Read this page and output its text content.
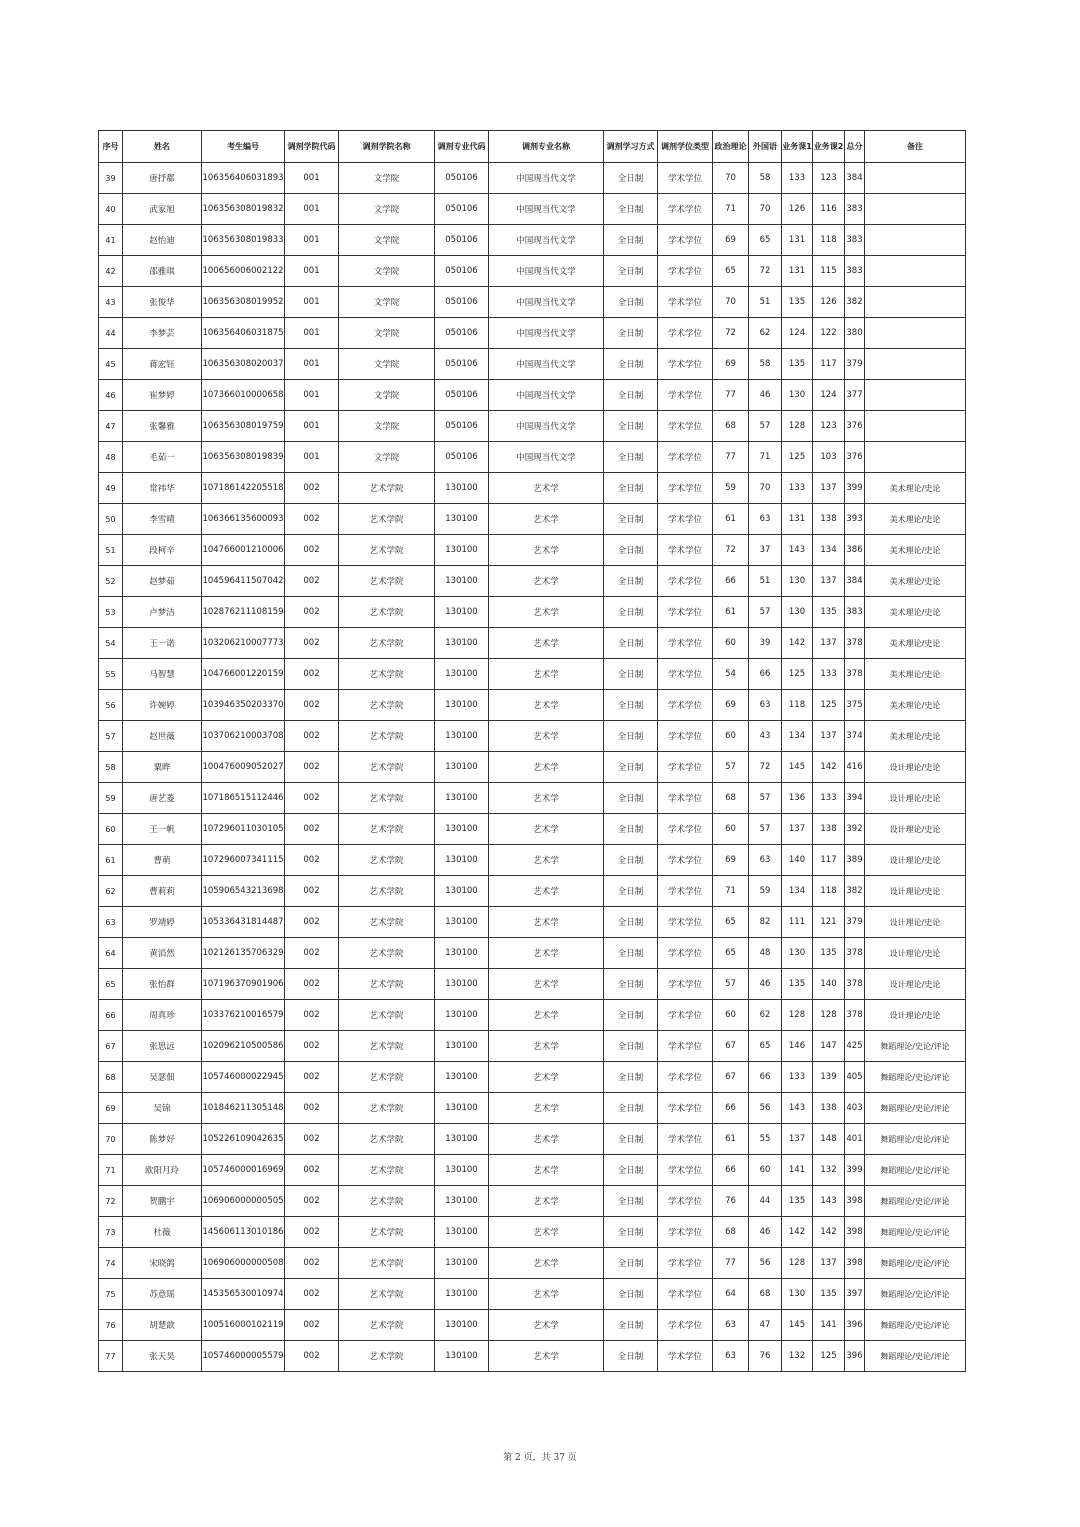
序号	姓名	考生编号	调剂学院代码	调剂学院名称	调剂专业代码	调剂专业名称	调剂学习方式	调剂学位类型	政治理论	外国语	业务课1	业务课2	总分	备注
39	唐抒郗	106356406031893	001	文学院	050106	中国现当代文学	全日制	学术学位	70	58	133	123	384	
40	武家旭	106356308019832	001	文学院	050106	中国现当代文学	全日制	学术学位	71	70	126	116	383	
41	赵怡迪	106356308019833	001	文学院	050106	中国现当代文学	全日制	学术学位	69	65	131	118	383	
42	邵雅琪	100656006002122	001	文学院	050106	中国现当代文学	全日制	学术学位	65	72	131	115	383	
43	张俊华	106356308019952	001	文学院	050106	中国现当代文学	全日制	学术学位	70	51	135	126	382	
44	李梦芸	106356406031875	001	文学院	050106	中国现当代文学	全日制	学术学位	72	62	124	122	380	
45	蒋宏钰	106356308020037	001	文学院	050106	中国现当代文学	全日制	学术学位	69	58	135	117	379	
46	崔梦婷	107366010000658	001	文学院	050106	中国现当代文学	全日制	学术学位	77	46	130	124	377	
47	张馨雅	106356308019759	001	文学院	050106	中国现当代文学	全日制	学术学位	68	57	128	123	376	
48	毛茹一	106356308019839	001	文学院	050106	中国现当代文学	全日制	学术学位	77	71	125	103	376	
49	常祎华	107186142205518	002	艺术学院	130100	艺术学	全日制	学术学位	59	70	133	137	399	美术理论/史论
50	李雪晴	106366135600093	002	艺术学院	130100	艺术学	全日制	学术学位	61	63	131	138	393	美术理论/史论
51	段柯辛	104766001210006	002	艺术学院	130100	艺术学	全日制	学术学位	72	37	143	134	386	美术理论/史论
52	赵梦茹	104596411507042	002	艺术学院	130100	艺术学	全日制	学术学位	66	51	130	137	384	美术理论/史论
53	卢梦洁	102876211108159	002	艺术学院	130100	艺术学	全日制	学术学位	61	57	130	135	383	美术理论/史论
54	王一诺	103206210007773	002	艺术学院	130100	艺术学	全日制	学术学位	60	39	142	137	378	美术理论/史论
55	马智慧	104766001220159	002	艺术学院	130100	艺术学	全日制	学术学位	54	66	125	133	378	美术理论/史论
56	许婉婷	103946350203370	002	艺术学院	130100	艺术学	全日制	学术学位	69	63	118	125	375	美术理论/史论
57	赵世薇	103706210003708	002	艺术学院	130100	艺术学	全日制	学术学位	60	43	134	137	374	美术理论/史论
58	粟晔	100476009052027	002	艺术学院	130100	艺术学	全日制	学术学位	57	72	145	142	416	设计理论/史论
59	唐艺菱	107186515112446	002	艺术学院	130100	艺术学	全日制	学术学位	68	57	136	133	394	设计理论/史论
60	王一帆	107296011030105	002	艺术学院	130100	艺术学	全日制	学术学位	60	57	137	138	392	设计理论/史论
61	曹萌	107296007341115	002	艺术学院	130100	艺术学	全日制	学术学位	69	63	140	117	389	设计理论/史论
62	曹莉莉	105906543213698	002	艺术学院	130100	艺术学	全日制	学术学位	71	59	134	118	382	设计理论/史论
63	罗靖婷	105336431814487	002	艺术学院	130100	艺术学	全日制	学术学位	65	82	111	121	379	设计理论/史论
64	黄滔然	102126135706329	002	艺术学院	130100	艺术学	全日制	学术学位	65	48	130	135	378	设计理论/史论
65	张怡群	107196370901906	002	艺术学院	130100	艺术学	全日制	学术学位	57	46	135	140	378	设计理论/史论
66	周真珍	103376210016579	002	艺术学院	130100	艺术学	全日制	学术学位	60	62	128	128	378	设计理论/史论
67	张思远	102096210500586	002	艺术学院	130100	艺术学	全日制	学术学位	67	65	146	147	425	舞蹈理论/史论/评论
68	吴瑟佃	105746000022945	002	艺术学院	130100	艺术学	全日制	学术学位	67	66	133	139	405	舞蹈理论/史论/评论
69	吴锦	101846211305148	002	艺术学院	130100	艺术学	全日制	学术学位	66	56	143	138	403	舞蹈理论/史论/评论
70	陈梦好	105226109042635	002	艺术学院	130100	艺术学	全日制	学术学位	61	55	137	148	401	舞蹈理论/史论/评论
71	欧阳月玲	105746000016969	002	艺术学院	130100	艺术学	全日制	学术学位	66	60	141	132	399	舞蹈理论/史论/评论
72	贺鹏宇	106906000000505	002	艺术学院	130100	艺术学	全日制	学术学位	76	44	135	143	398	舞蹈理论/史论/评论
73	杜薇	145606113010186	002	艺术学院	130100	艺术学	全日制	学术学位	68	46	142	142	398	舞蹈理论/史论/评论
74	宋晓鸽	106906000000508	002	艺术学院	130100	艺术学	全日制	学术学位	77	56	128	137	398	舞蹈理论/史论/评论
75	苏意瑶	145356530010974	002	艺术学院	130100	艺术学	全日制	学术学位	64	68	130	135	397	舞蹈理论/史论/评论
76	胡楚歆	100516000102119	002	艺术学院	130100	艺术学	全日制	学术学位	63	47	145	141	396	舞蹈理论/史论/评论
77	张天昊	105746000005579	002	艺术学院	130100	艺术学	全日制	学术学位	63	76	132	125	396	舞蹈理论/史论/评论
第 2 页，共 37 页
